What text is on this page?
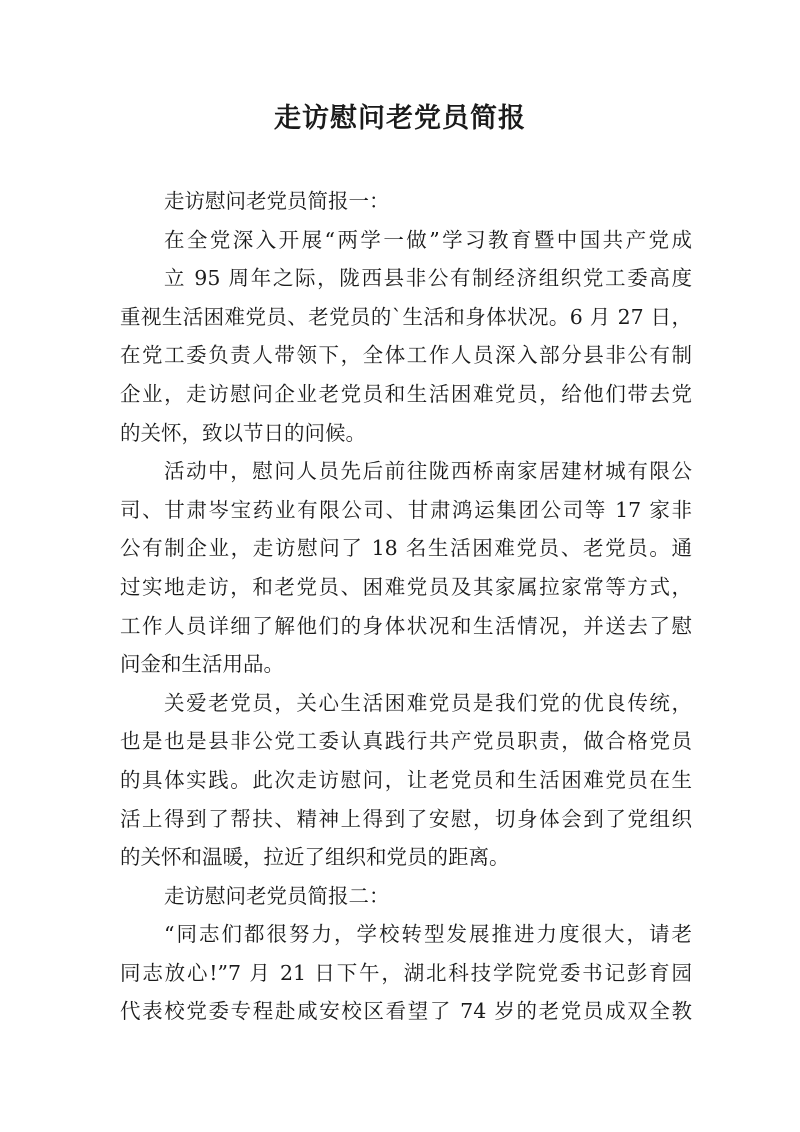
走访慰问老党员简报
走访慰问老党员简报一：
在全党深入开展“两学一做”学习教育暨中国共产党成
立 95 周年之际，陇西县非公有制经济组织党工委高度
重视生活困难党员、老党员的`生活和身体状况。6 月 27 日，
在党工委负责人带领下，全体工作人员深入部分县非公有制
企业，走访慰问企业老党员和生活困难党员，给他们带去党
的关怀，致以节日的问候。
活动中，慰问人员先后前往陇西桥南家居建材城有限公
司、甘肃岑宝药业有限公司、甘肃鸿运集团公司等 17 家非
公有制企业，走访慰问了 18 名生活困难党员、老党员。通
过实地走访，和老党员、困难党员及其家属拉家常等方式，
工作人员详细了解他们的身体状况和生活情况，并送去了慰
问金和生活用品。
关爱老党员，关心生活困难党员是我们党的优良传统，
也是也是县非公党工委认真践行共产党员职责，做合格党员
的具体实践。此次走访慰问，让老党员和生活困难党员在生
活上得到了帮扶、精神上得到了安慰，切身体会到了党组织
的关怀和温暖，拉近了组织和党员的距离。
走访慰问老党员简报二：
“同志们都很努力，学校转型发展推进力度很大，请老
同志放心!”7 月 21 日下午，湖北科技学院党委书记彭育园
代表校党委专程赴咸安校区看望了 74 岁的老党员成双全教
